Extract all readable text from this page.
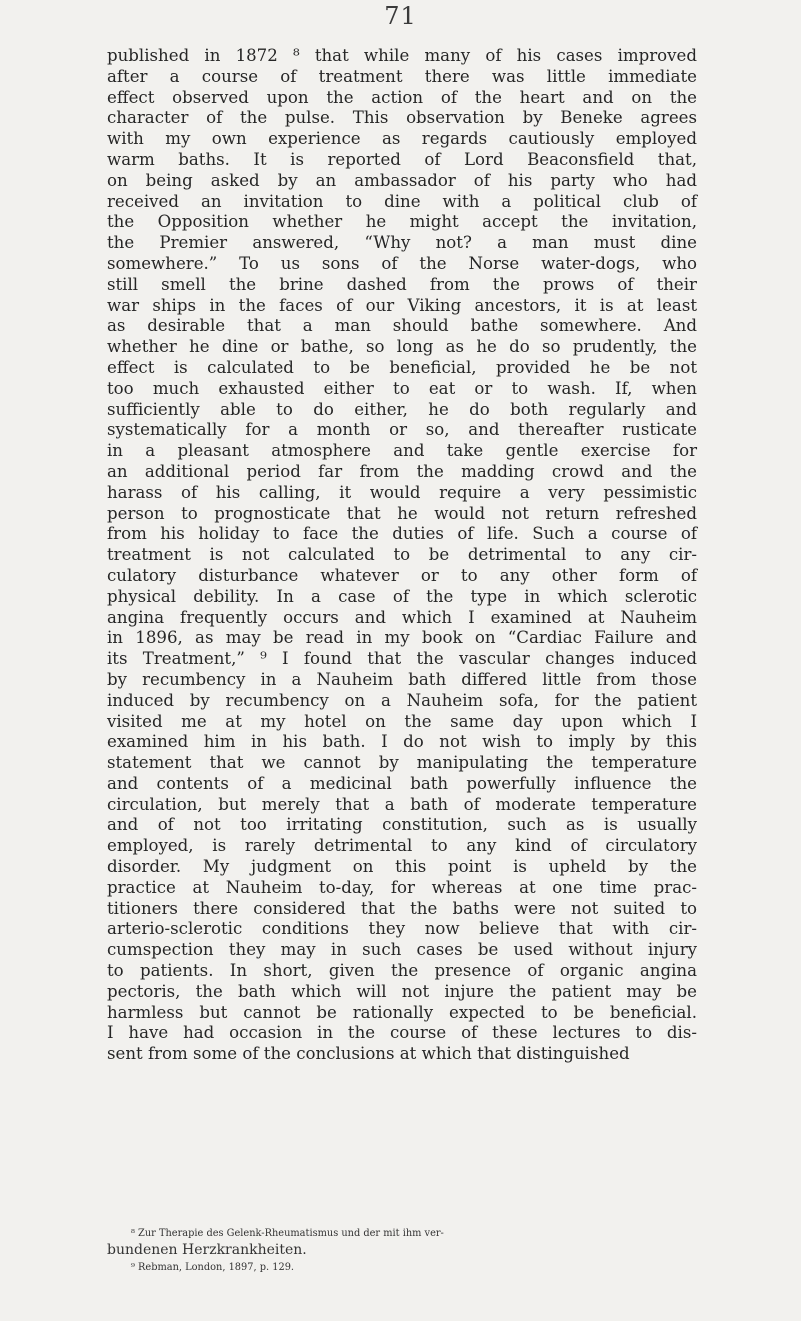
71
published in 1872 ⁸ that while many of his cases improved
after a course of treatment there was little immediate
effect observed upon the action of the heart and on the
character of the pulse. This observation by Beneke agrees
with my own experience as regards cautiously employed
warm baths. It is reported of Lord Beaconsfield that,
on being asked by an ambassador of his party who had
received an invitation to dine with a political club of
the Opposition whether he might accept the invitation,
the Premier answered, “Why not? a man must dine
somewhere.” To us sons of the Norse water-dogs, who
still smell the brine dashed from the prows of their
war ships in the faces of our Viking ancestors, it is at least
as desirable that a man should bathe somewhere. And
whether he dine or bathe, so long as he do so prudently, the
effect is calculated to be beneficial, provided he be not
too much exhausted either to eat or to wash. If, when
sufficiently able to do either, he do both regularly and
systematically for a month or so, and thereafter rusticate
in a pleasant atmosphere and take gentle exercise for
an additional period far from the madding crowd and the
harass of his calling, it would require a very pessimistic
person to prognosticate that he would not return refreshed
from his holiday to face the duties of life. Such a course of
treatment is not calculated to be detrimental to any cir-
culatory disturbance whatever or to any other form of
physical debility. In a case of the type in which sclerotic
angina frequently occurs and which I examined at Nauheim
in 1896, as may be read in my book on “Cardiac Failure and
its Treatment,” ⁹ I found that the vascular changes induced
by recumbency in a Nauheim bath differed little from those
induced by recumbency on a Nauheim sofa, for the patient
visited me at my hotel on the same day upon which I
examined him in his bath. I do not wish to imply by this
statement that we cannot by manipulating the temperature
and contents of a medicinal bath powerfully influence the
circulation, but merely that a bath of moderate temperature
and of not too irritating constitution, such as is usually
employed, is rarely detrimental to any kind of circulatory
disorder. My judgment on this point is upheld by the
practice at Nauheim to-day, for whereas at one time prac-
titioners there considered that the baths were not suited to
arterio-sclerotic conditions they now believe that with cir-
cumspection they may in such cases be used without injury
to patients. In short, given the presence of organic angina
pectoris, the bath which will not injure the patient may be
harmless but cannot be rationally expected to be beneficial.
I have had occasion in the course of these lectures to dis-
sent from some of the conclusions at which that distinguished
⁸ Zur Therapie des Gelenk-Rheumatismus und der mit ihm ver-
bundenen Herzkrankheiten.
⁹ Rebman, London, 1897, p. 129.
